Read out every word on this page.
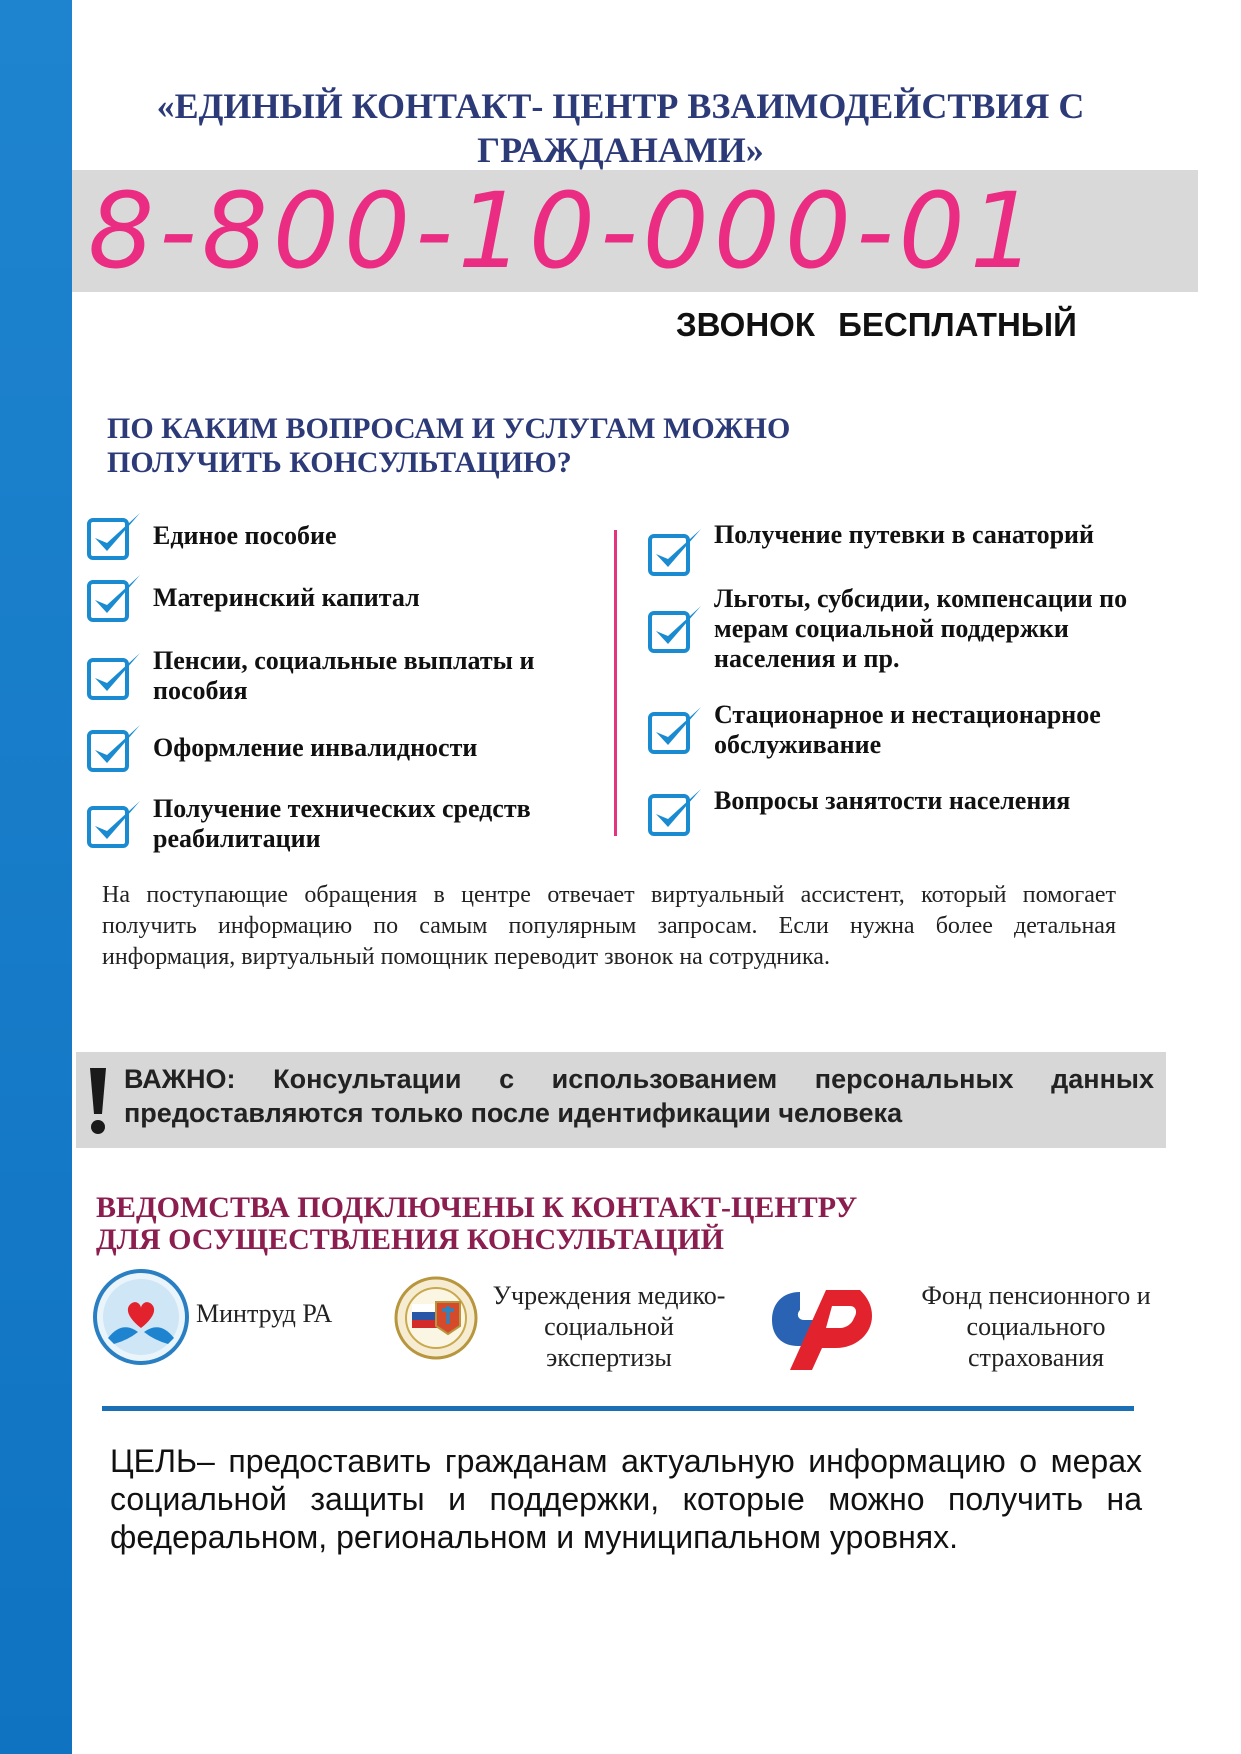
«ЕДИНЫЙ КОНТАКТ- ЦЕНТР ВЗАИМОДЕЙСТВИЯ С ГРАЖДАНАМИ»
8-800-10-000-01
ЗВОНОК БЕСПЛАТНЫЙ
ПО КАКИМ ВОПРОСАМ И УСЛУГАМ МОЖНО ПОЛУЧИТЬ КОНСУЛЬТАЦИЮ?
Единое пособие
Материнский капитал
Пенсии, социальные выплаты и пособия
Оформление инвалидности
Получение технических средств реабилитации
Получение путевки в санаторий
Льготы, субсидии, компенсации по мерам социальной поддержки населения и пр.
Стационарное и нестационарное обслуживание
Вопросы занятости населения
На поступающие обращения в центре отвечает виртуальный ассистент, который помогает получить информацию по самым популярным запросам. Если нужна более детальная информация, виртуальный помощник переводит звонок на сотрудника.
ВАЖНО: Консультации с использованием персональных данных предоставляются только после идентификации человека
ВЕДОМСТВА ПОДКЛЮЧЕНЫ К КОНТАКТ-ЦЕНТРУ ДЛЯ ОСУЩЕСТВЛЕНИЯ КОНСУЛЬТАЦИЙ
Минтруд РА
Учреждения медико-социальной экспертизы
Фонд пенсионного и социального страхования
ЦЕЛЬ– предоставить гражданам актуальную информацию о мерах социальной защиты и поддержки, которые можно получить на федеральном, региональном и муниципальном уровнях.
